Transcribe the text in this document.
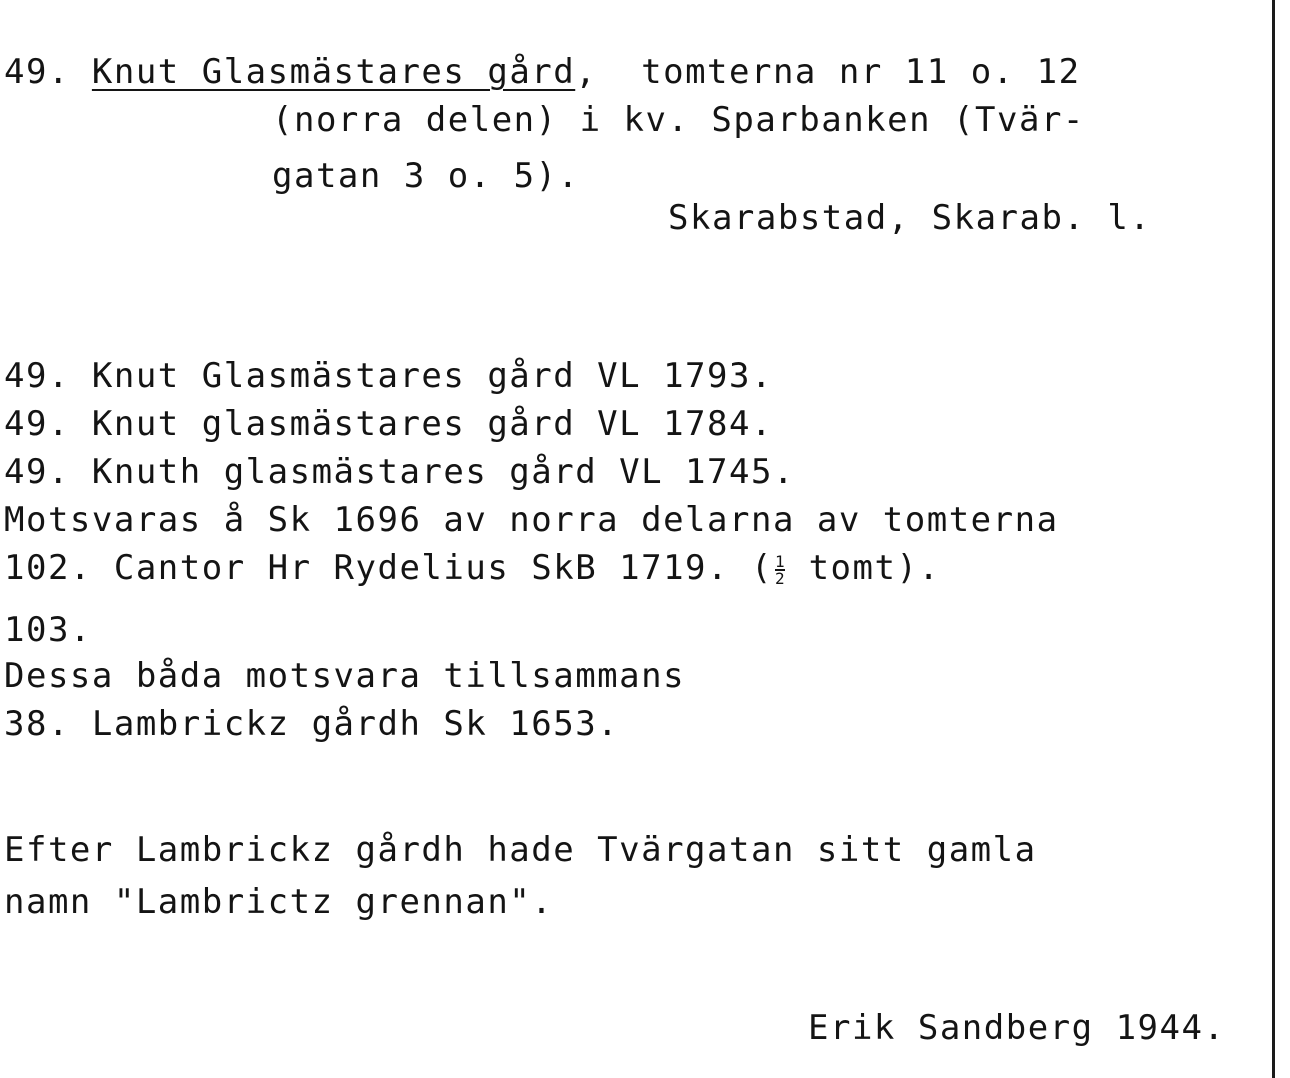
49. Knut Glasmästares gård,  tomterna nr 11 o. 12
(norra delen) i kv. Sparbanken (Tvär-
gatan 3 o. 5).
Skarabstad, Skarab. l.
49. Knut Glasmästares gård VL 1793.
49. Knut glasmästares gård VL 1784.
49. Knuth glasmästares gård VL 1745.
Motsvaras å Sk 1696 av norra delarna av tomterna
102. Cantor Hr Rydelius SkB 1719. ( $\frac{1}{2}$ tomt).
103.
Dessa båda motsvara tillsammans
38. Lambrickz gårdh Sk 1653.
Efter Lambrickz gårdh hade Tvärgatan sitt gamla
namn "Lambrictz grennan".
Erik Sandberg 1944.
